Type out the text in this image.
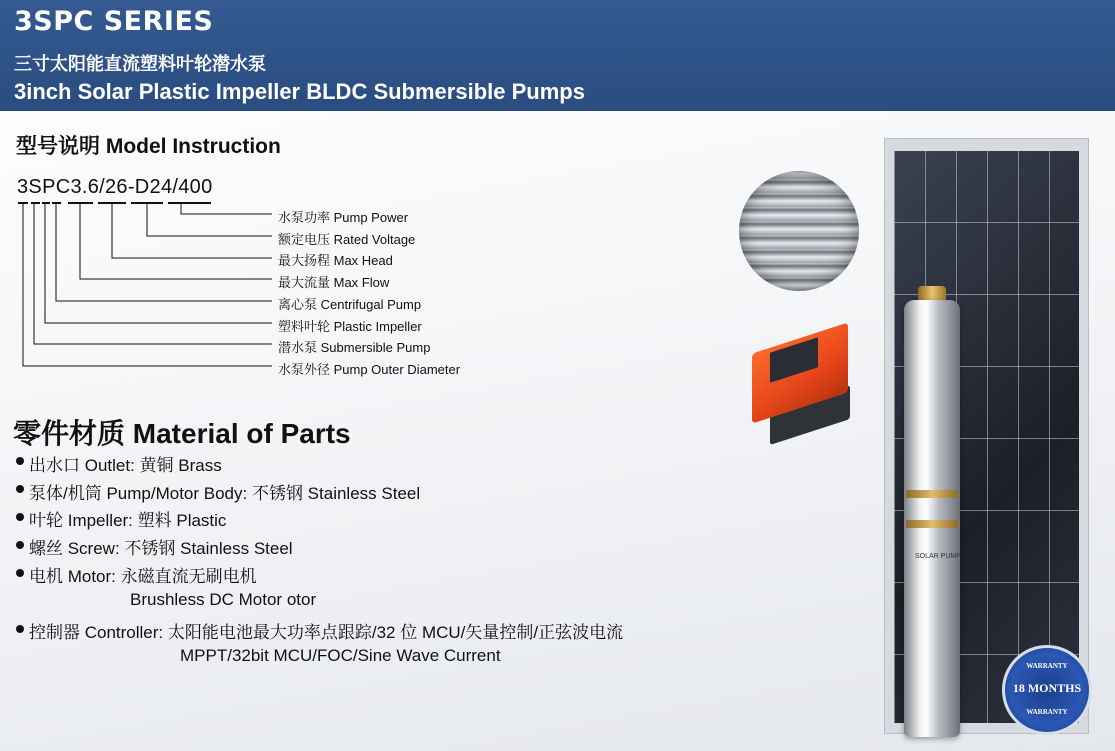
3SPC SERIES
三寸太阳能直流塑料叶轮潜水泵
3inch Solar Plastic Impeller BLDC Submersible Pumps
型号说明 Model Instruction
3SPC3.6/26-D24/400
水泵功率 Pump Power
额定电压 Rated Voltage
最大扬程 Max Head
最大流量 Max Flow
离心泵 Centrifugal Pump
塑料叶轮 Plastic Impeller
潜水泵 Submersible Pump
水泵外径 Pump Outer Diameter
零件材质 Material of Parts
出水口 Outlet: 黄铜 Brass
泵体/机筒 Pump/Motor Body: 不锈钢 Stainless Steel
叶轮 Impeller: 塑料 Plastic
螺丝 Screw: 不锈钢 Stainless Steel
电机 Motor: 永磁直流无刷电机
Brushless DC Motor otor
控制器 Controller: 太阳能电池最大功率点跟踪/32 位 MCU/矢量控制/正弦波电流
MPPT/32bit MCU/FOC/Sine Wave Current
SOLAR PUMP
WARRANTY
18 MONTHS
WARRANTY
